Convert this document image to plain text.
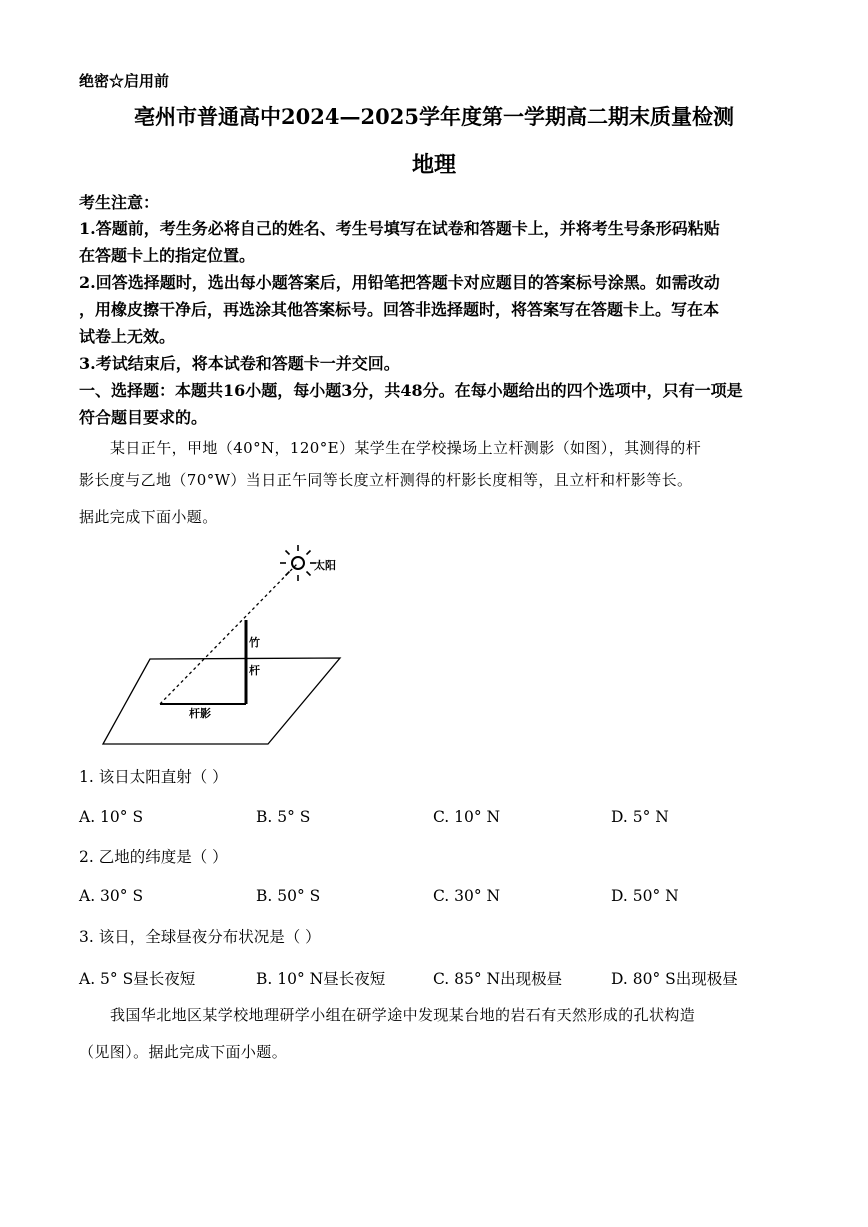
绝密☆启用前
亳州市普通高中2024—2025学年度第一学期高二期末质量检测
地理
考生注意：
1.答题前，考生务必将自己的姓名、考生号填写在试卷和答题卡上，并将考生号条形码粘贴
在答题卡上的指定位置。
2.回答选择题时，选出每小题答案后，用铅笔把答题卡对应题目的答案标号涂黑。如需改动
，用橡皮擦干净后，再选涂其他答案标号。回答非选择题时，将答案写在答题卡上。写在本
试卷上无效。
3.考试结束后，将本试卷和答题卡一并交回。
一、选择题：本题共16小题，每小题3分，共48分。在每小题给出的四个选项中，只有一项是
符合题目要求的。
某日正午，甲地（40°N，120°E）某学生在学校操场上立杆测影（如图），其测得的杆
影长度与乙地（70°W）当日正午同等长度立杆测得的杆影长度相等，且立杆和杆影等长。
据此完成下面小题。
太阳
竹
杆
杆影
1. 该日太阳直射（ ）
A. 10° S	B. 5° S	C. 10° N	D. 5° N
2. 乙地的纬度是（ ）
A. 30° S	B. 50° S	C. 30° N	D. 50° N
3. 该日，全球昼夜分布状况是（ ）
A. 5° S昼长夜短	B. 10° N昼长夜短	C. 85° N出现极昼	D. 80° S出现极昼
我国华北地区某学校地理研学小组在研学途中发现某台地的岩石有天然形成的孔状构造
（见图）。据此完成下面小题。
